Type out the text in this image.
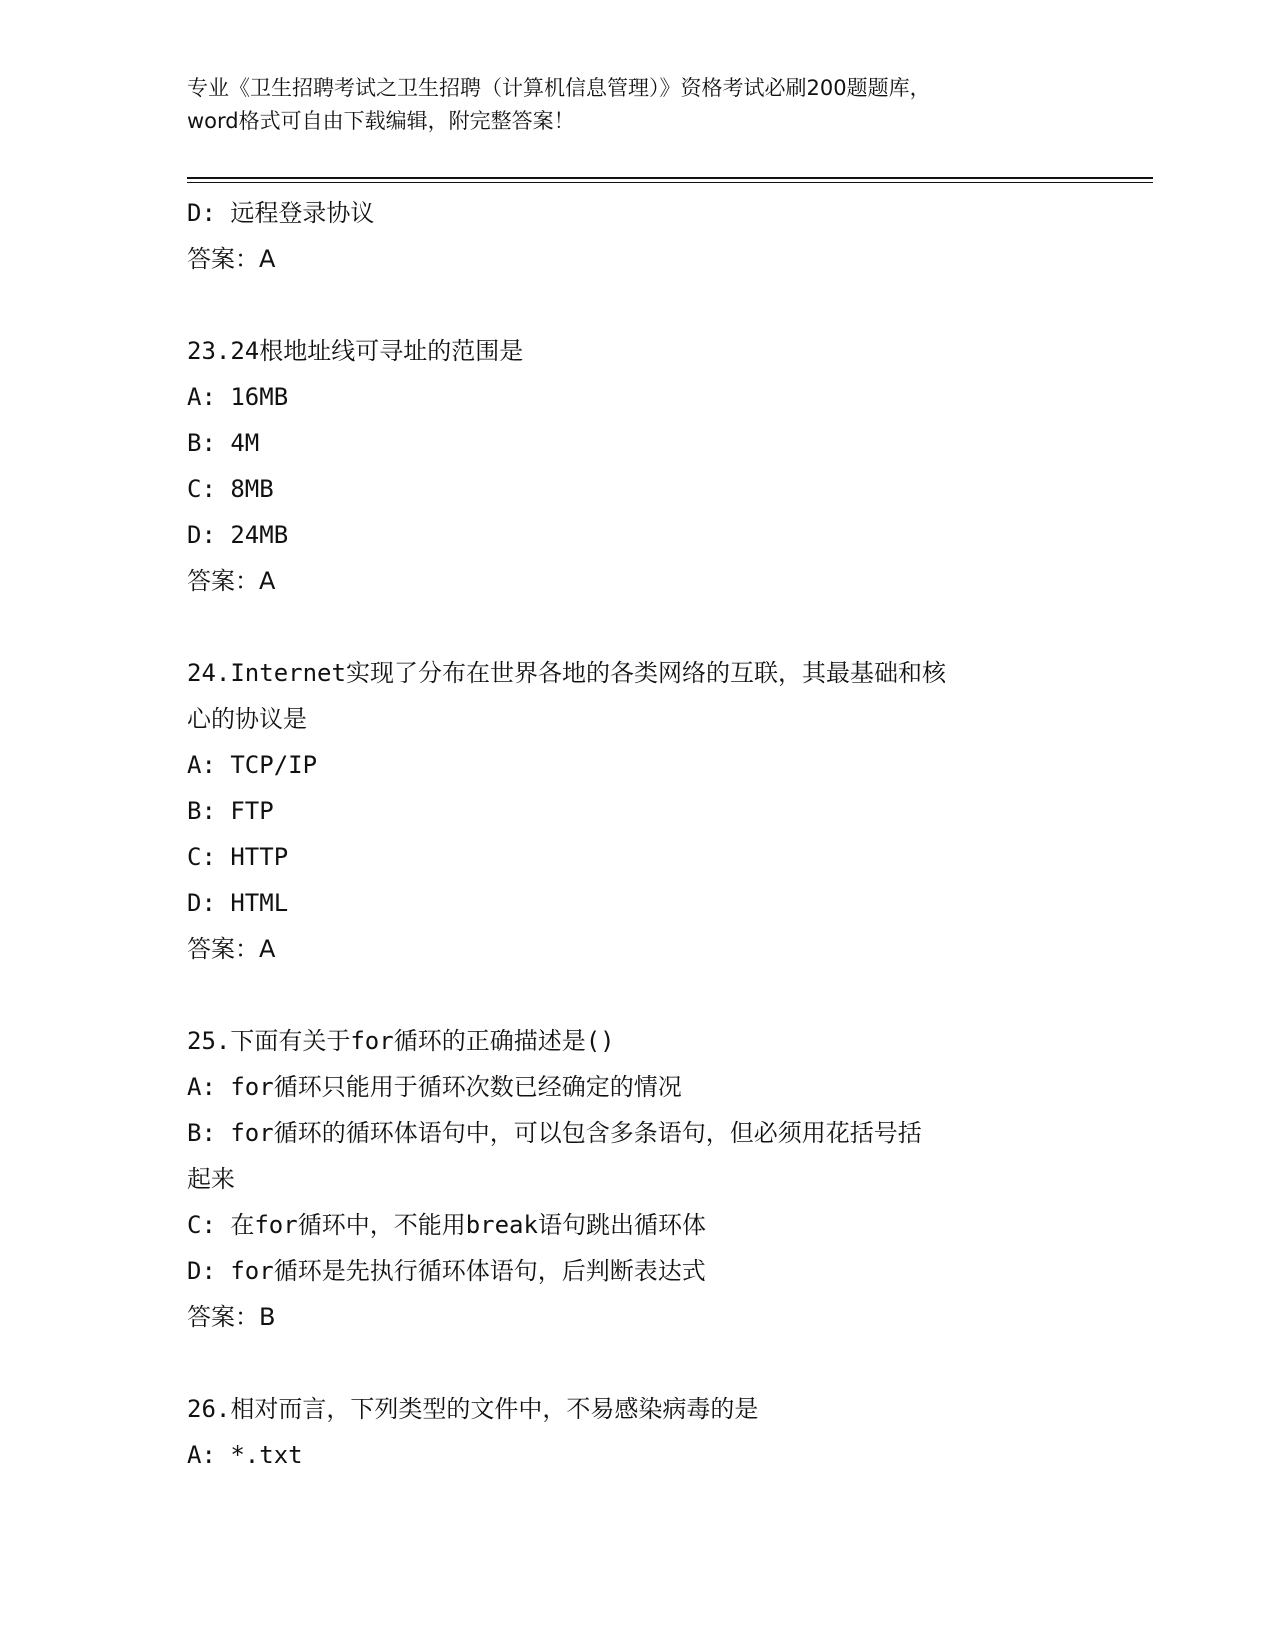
专业《卫生招聘考试之卫生招聘（计算机信息管理）》资格考试必刷200题题库，
word格式可自由下载编辑，附完整答案！
D: 远程登录协议
答案：A
23.24根地址线可寻址的范围是
A: 16MB
B: 4M
C: 8MB
D: 24MB
答案：A
24.Internet实现了分布在世界各地的各类网络的互联，其最基础和核
心的协议是
A: TCP/IP
B: FTP
C: HTTP
D: HTML
答案：A
25.下面有关于for循环的正确描述是()
A: for循环只能用于循环次数已经确定的情况
B: for循环的循环体语句中，可以包含多条语句，但必须用花括号括
起来
C: 在for循环中，不能用break语句跳出循环体
D: for循环是先执行循环体语句，后判断表达式
答案：B
26.相对而言，下列类型的文件中，不易感染病毒的是
A: *.txt
